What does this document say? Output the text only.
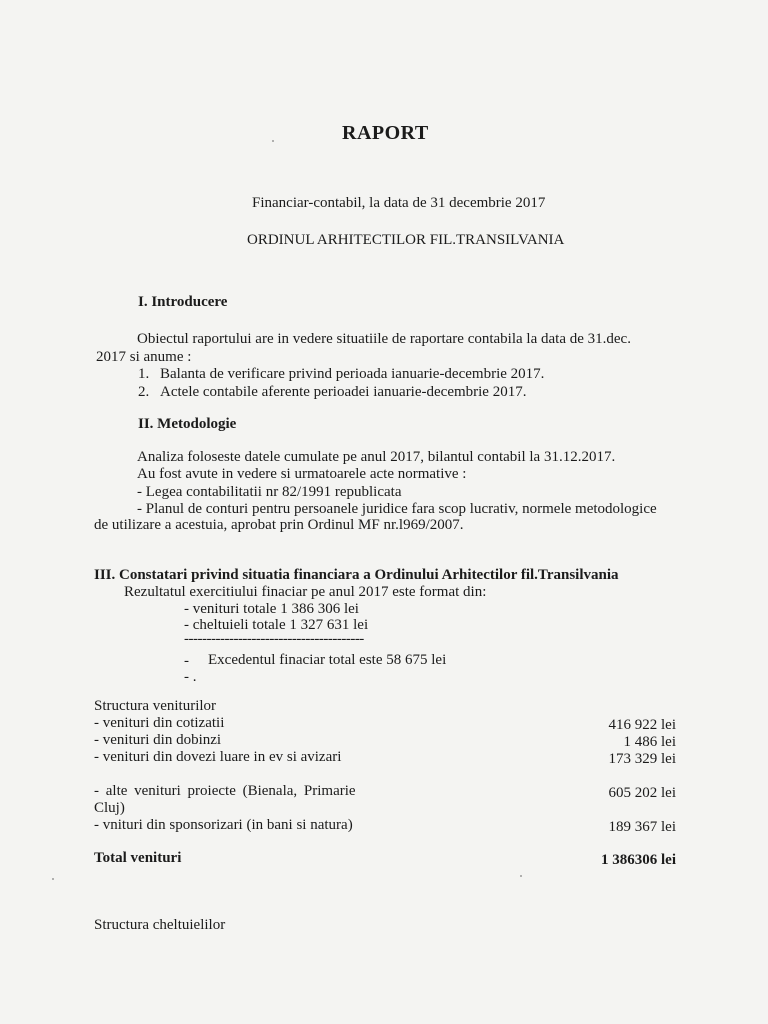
RAPORT
Financiar-contabil, la data de 31 decembrie 2017
ORDINUL ARHITECTILOR FIL.TRANSILVANIA
I. Introducere
Obiectul raportului are in vedere situatiile de raportare contabila la data de 31.dec.
2017 si anume :
1. Balanta de verificare privind perioada ianuarie-decembrie 2017.
2. Actele contabile aferente perioadei ianuarie-decembrie 2017.
II. Metodologie
Analiza foloseste datele cumulate pe anul 2017, bilantul contabil la 31.12.2017.
Au fost avute in vedere si urmatoarele acte normative :
- Legea contabilitatii nr 82/1991 republicata
- Planul de conturi pentru persoanele juridice fara scop lucrativ, normele metodologice
de utilizare a acestuia, aprobat prin Ordinul MF nr.l969/2007.
III. Constatari privind situatia financiara a Ordinului Arhitectilor fil.Transilvania
Rezultatul exercitiului finaciar pe anul 2017 este format din:
- venituri totale 1 386 306 lei
- cheltuieli totale 1 327 631 lei
----------------------------------------
- Excedentul finaciar total este 58 675 lei
- .
Structura veniturilor
- venituri din cotizatii	416 922 lei
- venituri din dobinzi	1 486 lei
- venituri din dovezi luare in ev si avizari	173 329 lei
- alte venituri proiecte (Bienala, Primarie
Cluj)
605 202 lei
- vnituri din sponsorizari (in bani si natura)	189 367 lei
Total venituri	1 386306 lei
Structura cheltuielilor
